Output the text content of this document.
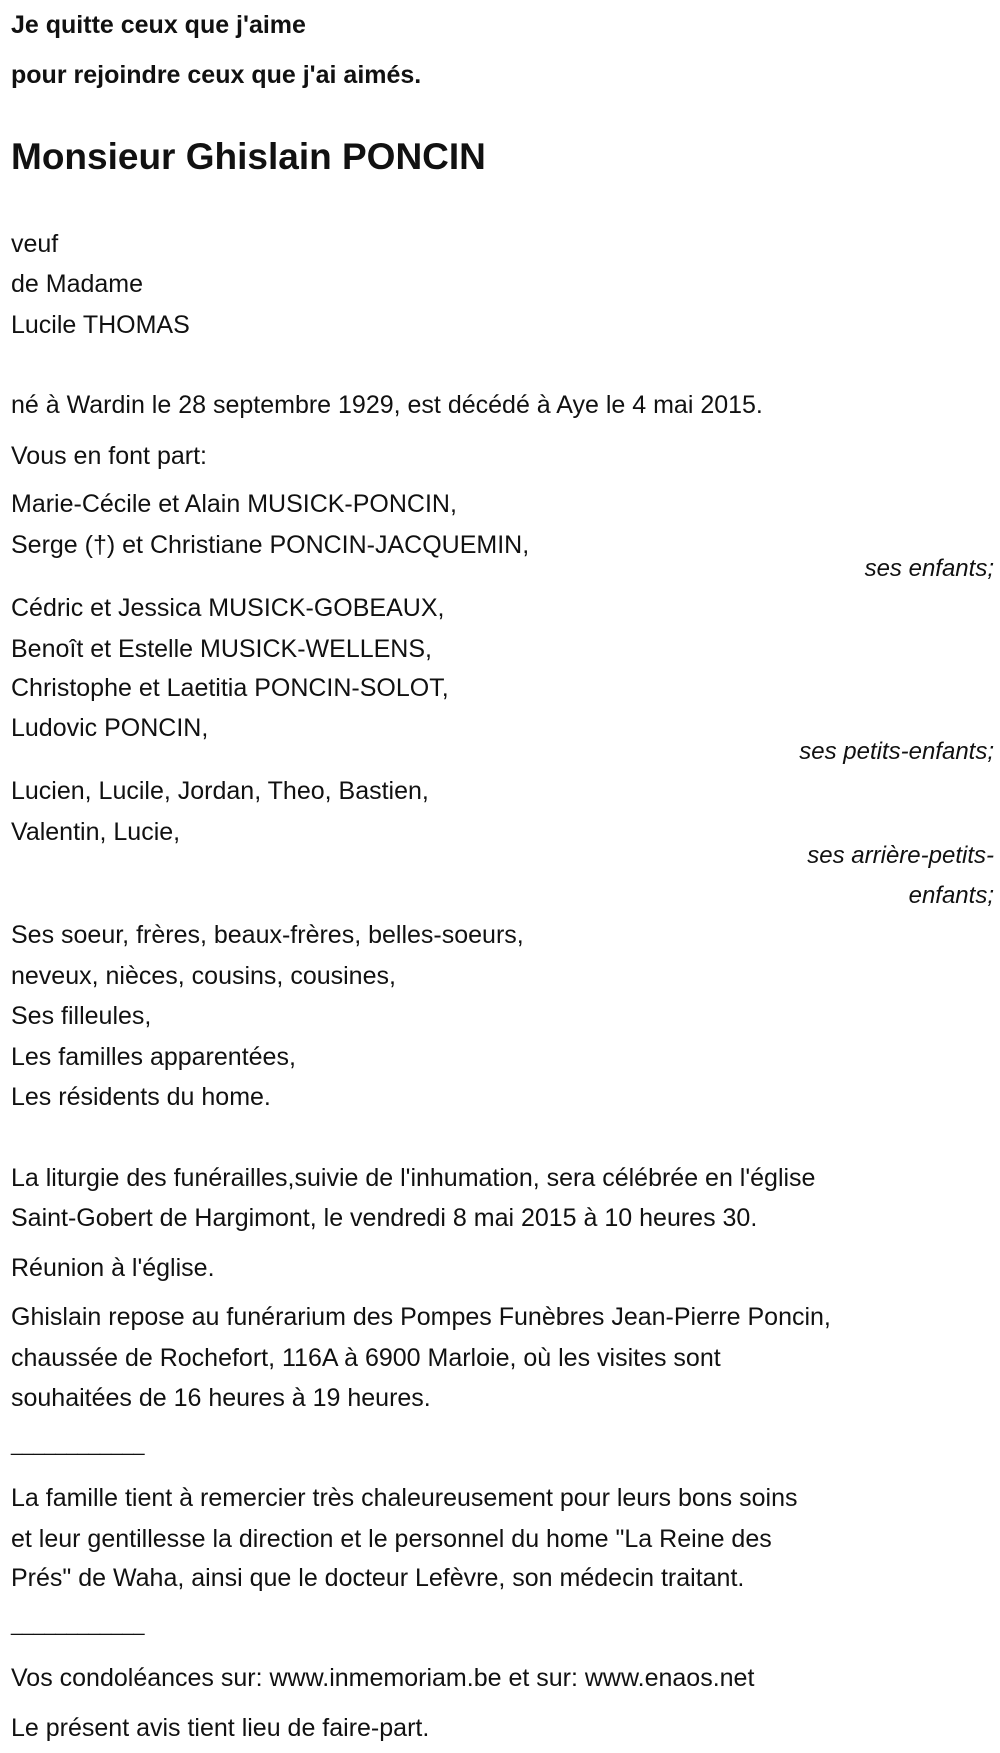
Je quitte ceux que j'aime
pour rejoindre ceux que j'ai aimés.
Monsieur Ghislain PONCIN
veuf
de Madame
Lucile THOMAS
né à Wardin le 28 septembre 1929, est décédé à Aye le 4 mai 2015.
Vous en font part:
Marie-Cécile et Alain MUSICK-PONCIN,
Serge (†) et Christiane PONCIN-JACQUEMIN,
ses enfants;
Cédric et Jessica MUSICK-GOBEAUX,
Benoît et Estelle MUSICK-WELLENS,
Christophe et Laetitia PONCIN-SOLOT,
Ludovic PONCIN,
ses petits-enfants;
Lucien, Lucile, Jordan, Theo, Bastien,
Valentin, Lucie,
ses arrière-petits-
enfants;
Ses soeur, frères, beaux-frères, belles-soeurs,
neveux, nièces, cousins, cousines,
Ses filleules,
Les familles apparentées,
Les résidents du home.
La liturgie des funérailles,suivie de l'inhumation, sera célébrée en l'église
Saint-Gobert de Hargimont, le vendredi 8 mai 2015 à 10 heures 30.
Réunion à l'église.
Ghislain repose au funérarium des Pompes Funèbres Jean-Pierre Poncin,
chaussée de Rochefort, 116A à 6900 Marloie, où les visites sont
souhaitées de 16 heures à 19 heures.
____________
La famille tient à remercier très chaleureusement pour leurs bons soins
et leur gentillesse la direction et le personnel du home "La Reine des
Prés" de Waha, ainsi que le docteur Lefèvre, son médecin traitant.
____________
Vos condoléances sur: www.inmemoriam.be et sur: www.enaos.net
Le présent avis tient lieu de faire-part.
